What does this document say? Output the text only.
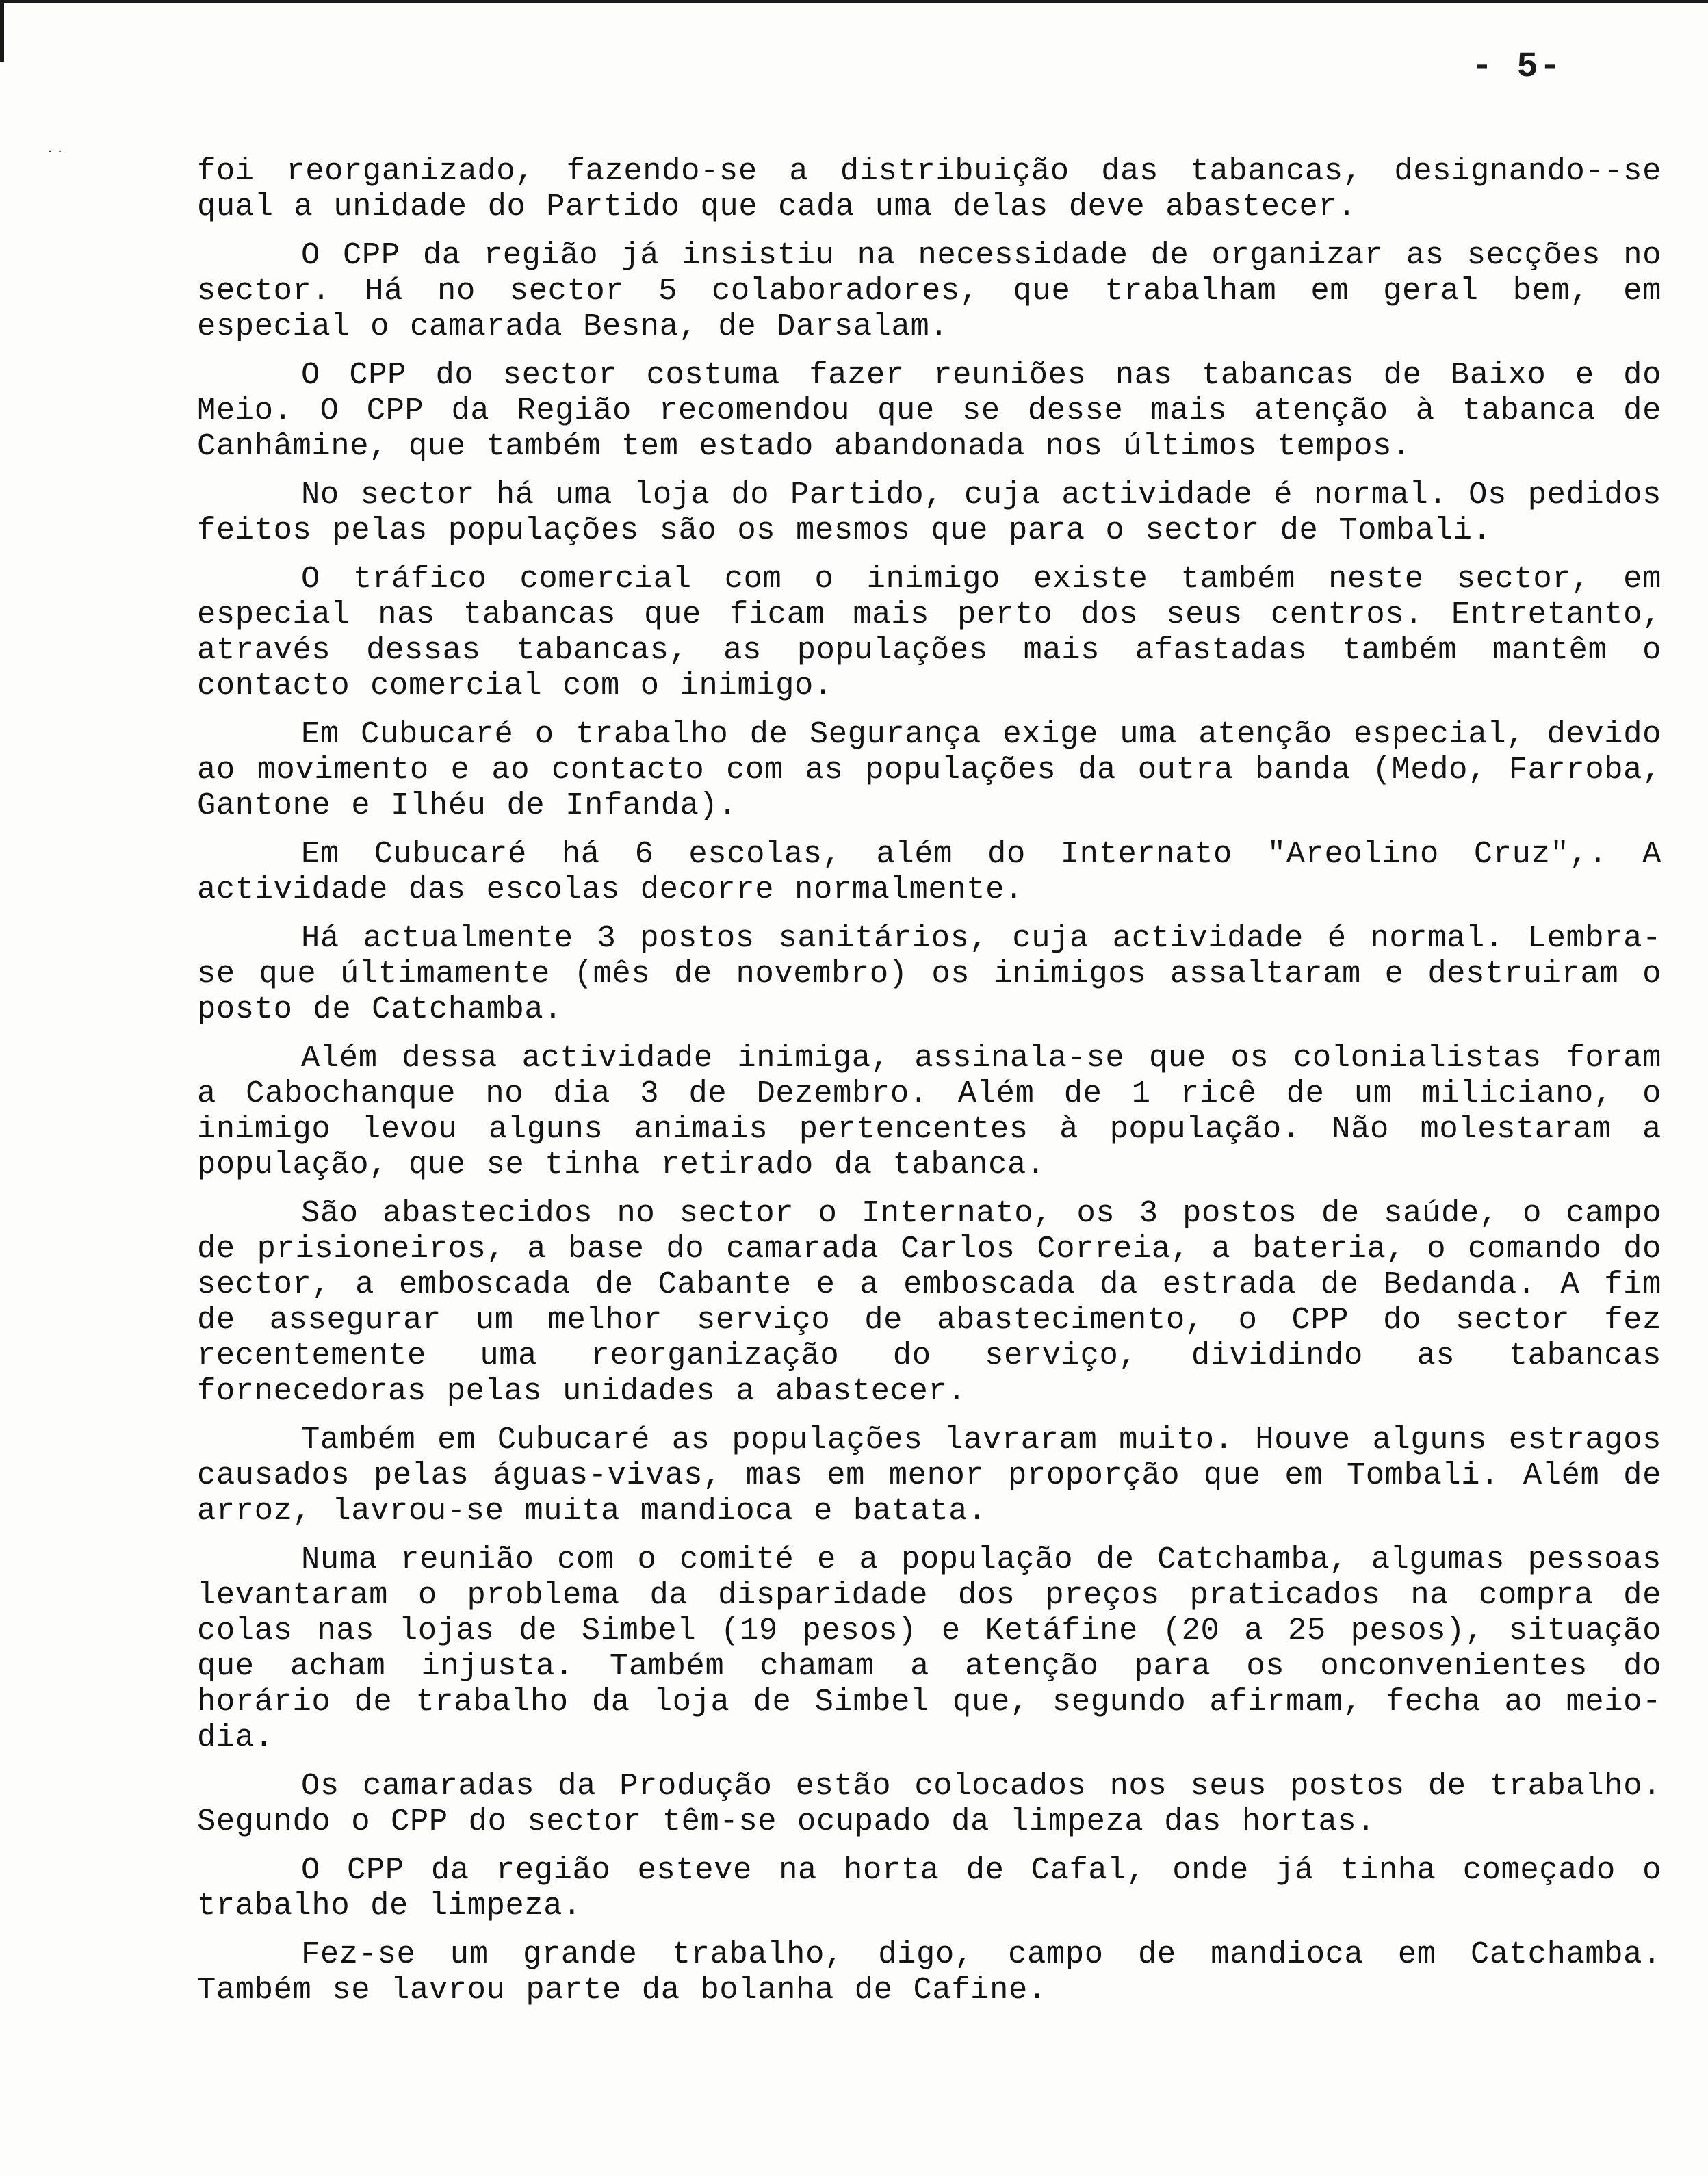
- 5-
˙˙	foi reorganizado, fazendo-se a distribuição das tabancas, designando--se qual a unidade do Partido que cada uma delas deve abastecer.

O CPP da região já insistiu na necessidade de organizar as secções no sector. Há no sector 5 colaboradores, que trabalham em geral bem, em especial o camarada Besna, de Darsalam.

O CPP do sector costuma fazer reuniões nas tabancas de Baixo e do Meio. O CPP da Região recomendou que se desse mais atenção à tabanca de Canhâmine, que também tem estado abandonada nos últimos tempos.

No sector há uma loja do Partido, cuja actividade é normal. Os pedidos feitos pelas populações são os mesmos que para o sector de Tombali.

O tráfico comercial com o inimigo existe também neste sector, em especial nas tabancas que ficam mais perto dos seus centros. Entretanto, através dessas tabancas, as populações mais afastadas também mantêm o contacto comercial com o inimigo.

Em Cubucaré o trabalho de Segurança exige uma atenção especial, devido ao movimento e ao contacto com as populações da outra banda (Medo, Farroba, Gantone e Ilhéu de Infanda).

Em Cubucaré há 6 escolas, além do Internato "Areolino Cruz",. A actividade das escolas decorre normalmente.

Há actualmente 3 postos sanitários, cuja actividade é normal. Lembra-se que últimamente (mês de novembro) os inimigos assaltaram e destruiram o posto de Catchamba.

Além dessa actividade inimiga, assinala-se que os colonialistas foram a Cabochanque no dia 3 de Dezembro. Além de 1 ricê de um miliciano, o inimigo levou alguns animais pertencentes à população. Não molestaram a população, que se tinha retirado da tabanca.

São abastecidos no sector o Internato, os 3 postos de saúde, o campo de prisioneiros, a base do camarada Carlos Correia, a bateria, o comando do sector, a emboscada de Cabante e a emboscada da estrada de Bedanda. A fim de assegurar um melhor serviço de abastecimento, o CPP do sector fez recentemente uma reorganização do serviço, dividindo as tabancas fornecedoras pelas unidades a abastecer.

Também em Cubucaré as populações lavraram muito. Houve alguns estragos causados pelas águas-vivas, mas em menor proporção que em Tombali. Além de arroz, lavrou-se muita mandioca e batata.

Numa reunião com o comité e a população de Catchamba, algumas pessoas levantaram o problema da disparidade dos preços praticados na compra de colas nas lojas de Simbel (19 pesos) e Ketáfine (20 a 25 pesos), situação que acham injusta. Também chamam a atenção para os onconvenientes do horário de trabalho da loja de Simbel que, segundo afirmam, fecha ao meio-dia.

Os camaradas da Produção estão colocados nos seus postos de trabalho. Segundo o CPP do sector têm-se ocupado da limpeza das hortas.

O CPP da região esteve na horta de Cafal, onde já tinha começado o trabalho de limpeza.

Fez-se um grande trabalho, digo, campo de mandioca em Catchamba. Também se lavrou parte da bolanha de Cafine.
